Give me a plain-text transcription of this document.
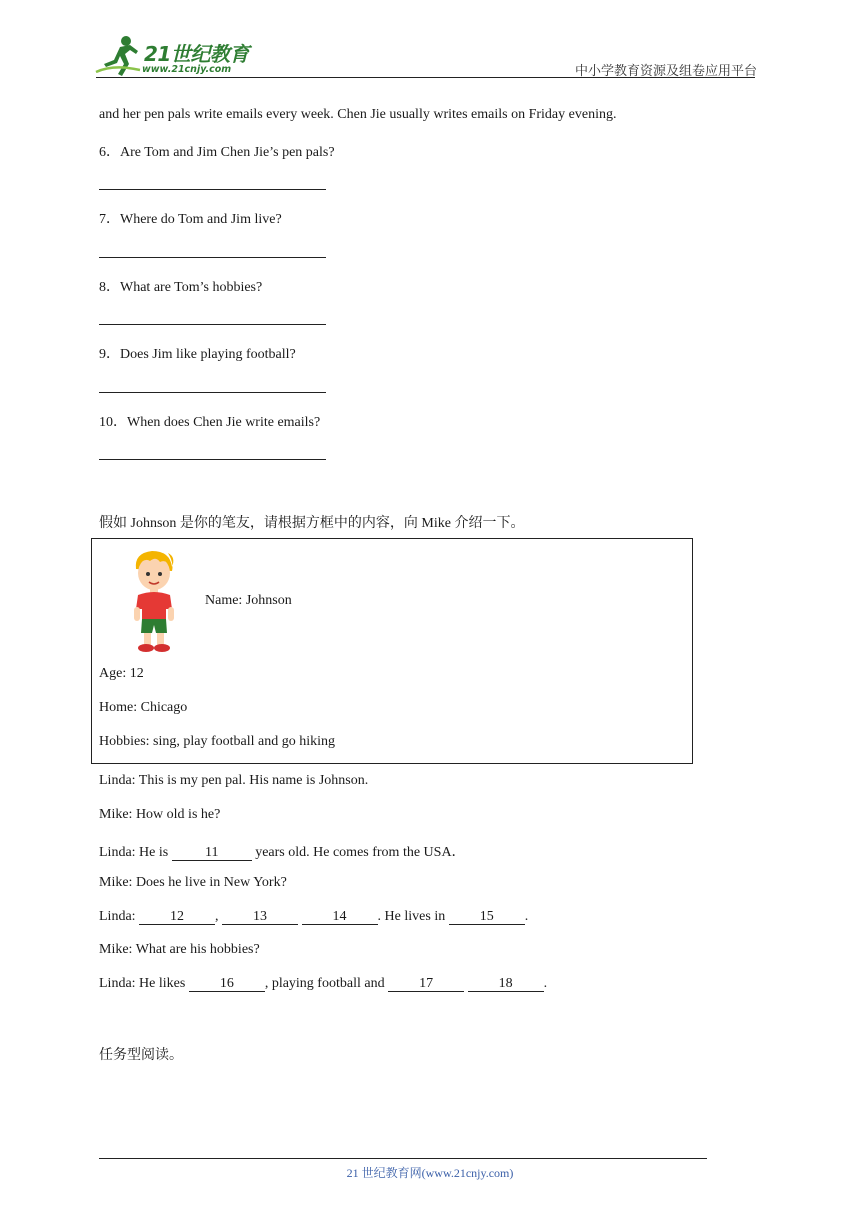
21世纪教育
www.21cnjy.com	中小学教育资源及组卷应用平台
and her pen pals write emails every week. Chen Jie usually writes emails on Friday evening.
6．Are Tom and Jim Chen Jie’s pen pals?
7．Where do Tom and Jim live?
8．What are Tom’s hobbies?
9．Does Jim like playing football?
10．When does Chen Jie write emails?
假如 Johnson 是你的笔友，请根据方框中的内容，向 Mike 介绍一下。
Name: Johnson
Age: 12
Home: Chicago
Hobbies: sing, play football and go hiking
Linda: This is my pen pal. His name is Johnson.
Mike: How old is he?
Linda: He is 11	years old. He comes from the USA．
Mike: Does he live in New York?
Linda: 12 , 13	14 . He lives in 15 .
Mike: What are his hobbies?
Linda: He likes 16 , playing football and 17	18 .
任务型阅读。
21 世纪教育网(www.21cnjy.com)
